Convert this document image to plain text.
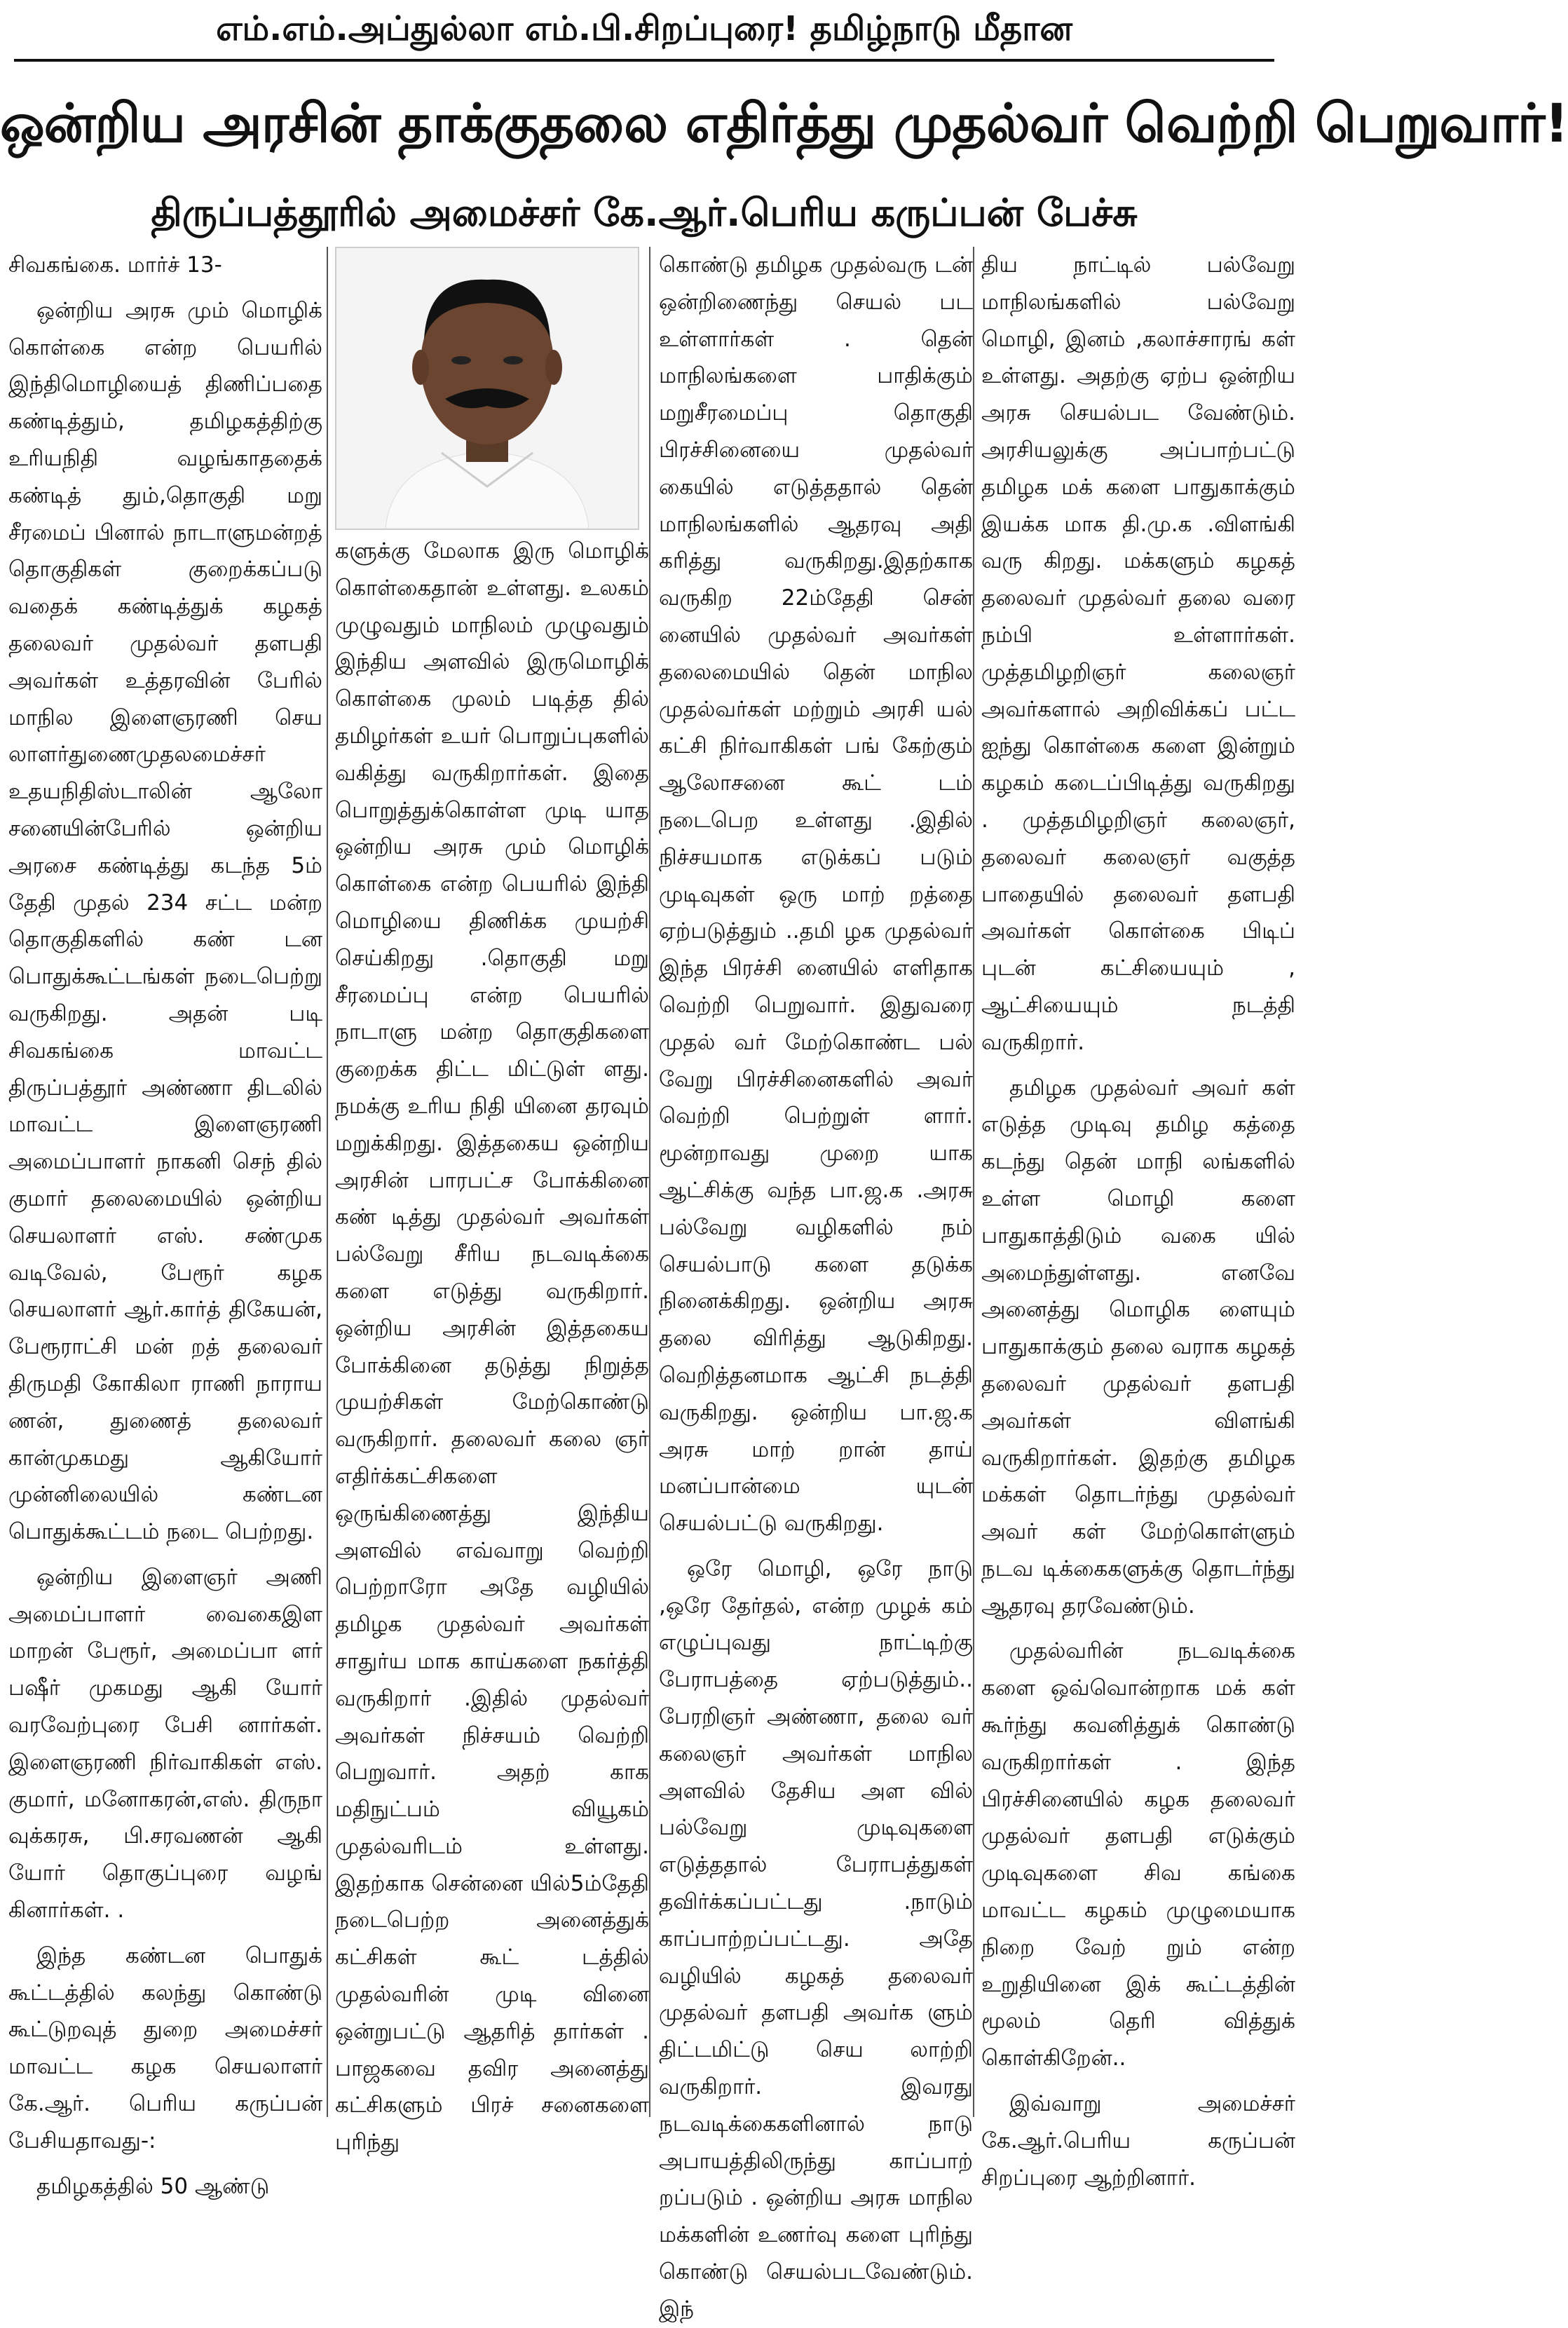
எம்.எம்.அப்துல்லா எம்.பி.சிறப்புரை! தமிழ்நாடு மீதான
ஒன்றிய அரசின் தாக்குதலை எதிர்த்து முதல்வர் வெற்றி பெறுவார்!
திருப்பத்தூரில் அமைச்சர் கே.ஆர்.பெரிய கருப்பன் பேச்சு

சிவகங்கை. மார்ச் 13-

ஒன்றிய அரசு மும் மொழிக் கொள்கை என்ற பெயரில் இந்திமொழியைத் திணிப்பதை கண்டித்தும், தமிழகத்திற்கு உரியநிதி வழங்காததைக் கண்டித் தும்,தொகுதி மறு சீரமைப் பினால் நாடாளுமன்றத் தொகுதிகள் குறைக்கப்படு வதைக் கண்டித்துக் கழகத் தலைவர் முதல்வர் தளபதி அவர்கள் உத்தரவின் பேரில் மாநில இளைஞரணி செய லாளர்துணைமுதலமைச்சர் உதயநிதிஸ்டாலின் ஆலோ சனையின்பேரில் ஒன்றிய அரசை கண்டித்து கடந்த 5ம் தேதி முதல் 234 சட்ட மன்ற தொகுதிகளில் கண் டன பொதுக்கூட்டங்கள் நடைபெற்று வருகிறது. அதன் படி சிவகங்கை மாவட்ட திருப்பத்தூர் அண்ணா திடலில் மாவட்ட இளைஞரணி அமைப்பாளர் நாகனி செந் தில் குமார் தலைமையில் ஒன்றிய செயலாளர் எஸ். சண்முக வடிவேல், பேரூர் கழக செயலாளர் ஆர்.கார்த் திகேயன், பேரூராட்சி மன் றத் தலைவர் திருமதி கோகிலா ராணி நாராய ணன், துணைத் தலைவர் கான்முகமது ஆகியோர் முன்னிலையில் கண்டன பொதுக்கூட்டம் நடை பெற்றது.

ஒன்றிய இளைஞர் அணி அமைப்பாளர் வைகைஇள மாறன் பேரூர், அமைப்பா ளர் பஷீர் முகமது ஆகி யோர் வரவேற்புரை பேசி னார்கள். இளைஞரணி நிர்வாகிகள் எஸ். குமார், மனோகரன்,எஸ். திருநா வுக்கரசு, பி.சரவணன் ஆகி யோர் தொகுப்புரை வழங் கினார்கள். .

இந்த கண்டன பொதுக் கூட்டத்தில் கலந்து கொண்டு கூட்டுறவுத் துறை அமைச்சர் மாவட்ட கழக செயலாளர் கே.ஆர். பெரிய கருப்பன் பேசியதாவது-:

தமிழகத்தில் 50 ஆண்டு

களுக்கு மேலாக இரு மொழிக் கொள்கைதான் உள்ளது. உலகம் முழுவதும் மாநிலம் முழுவதும் இந்திய அளவில் இருமொழிக் கொள்கை முலம் படித்த தில் தமிழர்கள் உயர் பொறுப்புகளில் வகித்து வருகிறார்கள். இதை பொறுத்துக்கொள்ள முடி யாத ஒன்றிய அரசு மும் மொழிக் கொள்கை என்ற பெயரில் இந்தி மொழியை திணிக்க முயற்சி செய்கிறது .தொகுதி மறு சீரமைப்பு என்ற பெயரில் நாடாளு மன்ற தொகுதிகளை குறைக்க திட்ட மிட்டுள் ளது. நமக்கு உரிய நிதி யினை தரவும் மறுக்கிறது. இத்தகைய ஒன்றிய அரசின் பாரபட்ச போக்கினை கண் டித்து முதல்வர் அவர்கள் பல்வேறு சீரிய நடவடிக்கை களை எடுத்து வருகிறார். ஒன்றிய அரசின் இத்தகைய போக்கினை தடுத்து நிறுத்த முயற்சிகள் மேற்கொண்டு வருகிறார். தலைவர் கலை ஞர் எதிர்க்கட்சிகளை ஒருங்கிணைத்து இந்திய அளவில் எவ்வாறு வெற்றி பெற்றாரோ அதே வழியில் தமிழக முதல்வர் அவர்கள் சாதுர்ய மாக காய்களை நகர்த்தி வருகிறார் .இதில் முதல்வர் அவர்கள் நிச்சயம் வெற்றி பெறுவார். அதற் காக மதிநுட்பம் வியூகம் முதல்வரிடம் உள்ளது. இதற்காக சென்னை யில்5ம்தேதி நடைபெற்ற அனைத்துக் கட்சிகள் கூட் டத்தில் முதல்வரின் முடி வினை ஒன்றுபட்டு ஆதரித் தார்கள் . பாஜகவை தவிர அனைத்து கட்சிகளும் பிரச் சனைகளை புரிந்து

கொண்டு தமிழக முதல்வரு டன் ஒன்றிணைந்து செயல் பட உள்ளார்கள் . தென் மாநிலங்களை பாதிக்கும் மறுசீரமைப்பு தொகுதி பிரச்சினையை முதல்வர் கையில் எடுத்ததால் தென் மாநிலங்களில் ஆதரவு அதி கரித்து வருகிறது.இதற்காக வருகிற 22ம்தேதி சென் னையில் முதல்வர் அவர்கள் தலைமையில் தென் மாநில முதல்வர்கள் மற்றும் அரசி யல் கட்சி நிர்வாகிகள் பங் கேற்கும் ஆலோசனை கூட் டம் நடைபெற உள்ளது .இதில் நிச்சயமாக எடுக்கப் படும் முடிவுகள் ஒரு மாற் றத்தை ஏற்படுத்தும் ..தமி ழக முதல்வர் இந்த பிரச்சி னையில் எளிதாக வெற்றி பெறுவார். இதுவரை முதல் வர் மேற்கொண்ட பல் வேறு பிரச்சினைகளில் அவர் வெற்றி பெற்றுள் ளார். மூன்றாவது முறை யாக ஆட்சிக்கு வந்த பா.ஜ.க .அரசு பல்வேறு வழிகளில் நம் செயல்பாடு களை தடுக்க நினைக்கிறது. ஒன்றிய அரசு தலை விரித்து ஆடுகிறது. வெறித்தனமாக ஆட்சி நடத்தி வருகிறது. ஒன்றிய பா.ஜ.க அரசு மாற் றான் தாய் மனப்பான்மை யுடன் செயல்பட்டு வருகிறது.

ஒரே மொழி, ஒரே நாடு ,ஒரே தேர்தல், என்ற முழக் கம் எழுப்புவது நாட்டிற்கு பேராபத்தை ஏற்படுத்தும்.. பேரறிஞர் அண்ணா, தலை வர் கலைஞர் அவர்கள் மாநில அளவில் தேசிய அள வில் பல்வேறு முடிவுகளை எடுத்ததால் பேராபத்துகள் தவிர்க்கப்பட்டது .நாடும் காப்பாற்றப்பட்டது. அதே வழியில் கழகத் தலைவர் முதல்வர் தளபதி அவர்க ளும் திட்டமிட்டு செய லாற்றி வருகிறார். இவரது நடவடிக்கைகளினால் நாடு அபாயத்திலிருந்து காப்பாற் றப்படும் . ஒன்றிய அரசு மாநில மக்களின் உணர்வு களை புரிந்து கொண்டு செயல்படவேண்டும். இந்

திய நாட்டில் பல்வேறு மாநிலங்களில் பல்வேறு மொழி, இனம் ,கலாச்சாரங் கள் உள்ளது. அதற்கு ஏற்ப ஒன்றிய அரசு செயல்பட வேண்டும். அரசியலுக்கு அப்பாற்பட்டு தமிழக மக் களை பாதுகாக்கும் இயக்க மாக தி.மு.க .விளங்கி வரு கிறது. மக்களும் கழகத் தலைவர் முதல்வர் தலை வரை நம்பி உள்ளார்கள். முத்தமிழறிஞர் கலைஞர் அவர்களால் அறிவிக்கப் பட்ட ஐந்து கொள்கை களை இன்றும் கழகம் கடைப்பிடித்து வருகிறது . முத்தமிழறிஞர் கலைஞர், தலைவர் கலைஞர் வகுத்த பாதையில் தலைவர் தளபதி அவர்கள் கொள்கை பிடிப் புடன் கட்சியையும் , ஆட்சியையும் நடத்தி வருகிறார்.

தமிழக முதல்வர் அவர் கள் எடுத்த முடிவு தமிழ கத்தை கடந்து தென் மாநி லங்களில் உள்ள மொழி களை பாதுகாத்திடும் வகை யில் அமைந்துள்ளது. எனவே அனைத்து மொழிக ளையும் பாதுகாக்கும் தலை வராக கழகத் தலைவர் முதல்வர் தளபதி அவர்கள் விளங்கி வருகிறார்கள். இதற்கு தமிழக மக்கள் தொடர்ந்து முதல்வர் அவர் கள் மேற்கொள்ளும் நடவ டிக்கைகளுக்கு தொடர்ந்து ஆதரவு தரவேண்டும்.

முதல்வரின் நடவடிக்கை களை ஒவ்வொன்றாக மக் கள் கூர்ந்து கவனித்துக் கொண்டு வருகிறார்கள் . இந்த பிரச்சினையில் கழக தலைவர் முதல்வர் தளபதி எடுக்கும் முடிவுகளை சிவ கங்கை மாவட்ட கழகம் முழுமையாக நிறை வேற் றும் என்ற உறுதியினை இக் கூட்டத்தின் மூலம் தெரி வித்துக் கொள்கிறேன்..

இவ்வாறு அமைச்சர் கே.ஆர்.பெரிய கருப்பன் சிறப்புரை ஆற்றினார்.
